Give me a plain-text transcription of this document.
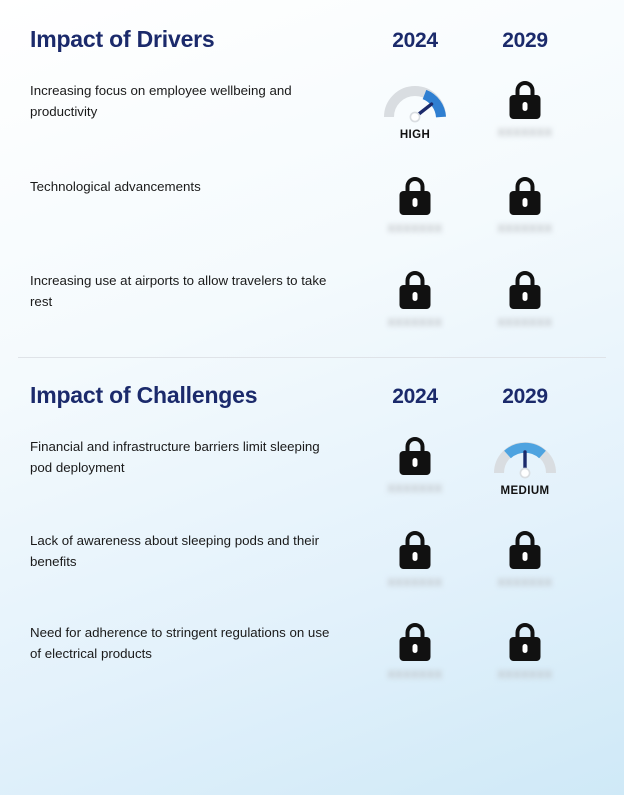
Impact of Drivers	2024	2029
Increasing focus on employee wellbeing and productivity
HIGH	XXXXXXX
Technological advancements
XXXXXXX	XXXXXXX
Increasing use at airports to allow travelers to take rest
XXXXXXX	XXXXXXX
Impact of Challenges	2024	2029
Financial and infrastructure barriers limit sleeping pod deployment
XXXXXXX	MEDIUM
Lack of awareness about sleeping pods and their benefits
XXXXXXX	XXXXXXX
Need for adherence to stringent regulations on use of electrical products
XXXXXXX	XXXXXXX
